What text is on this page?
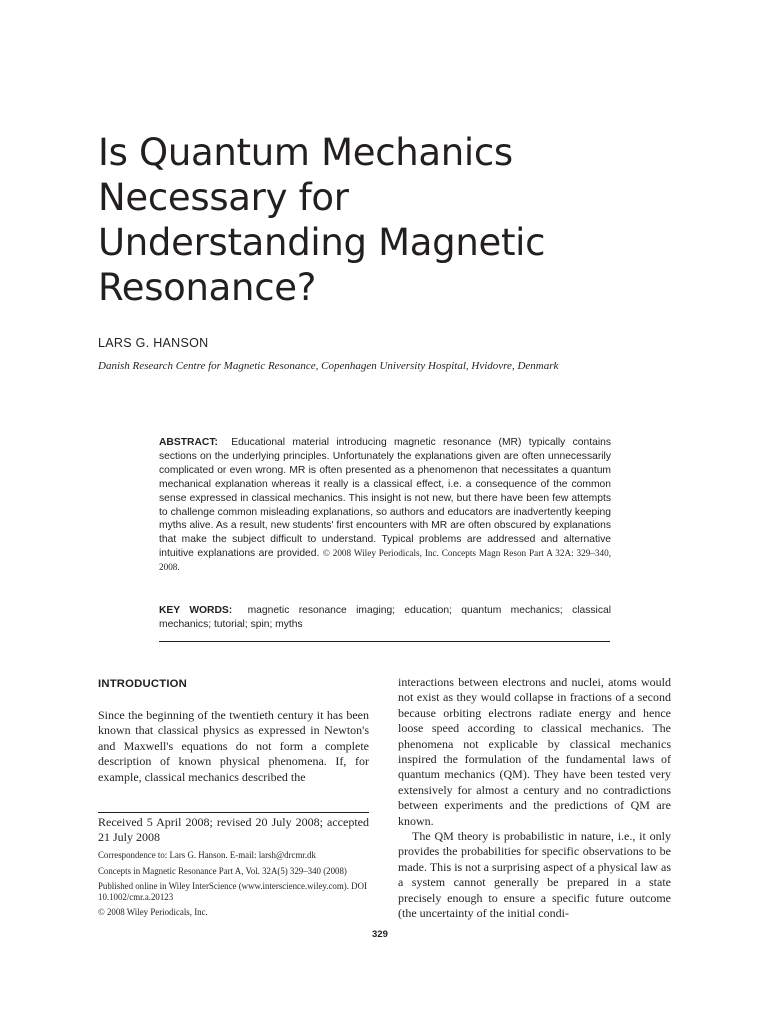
Is Quantum Mechanics
Necessary for
Understanding Magnetic
Resonance?
LARS G. HANSON
Danish Research Centre for Magnetic Resonance, Copenhagen University Hospital, Hvidovre, Denmark
ABSTRACT: Educational material introducing magnetic resonance (MR) typically contains sections on the underlying principles. Unfortunately the explanations given are often unnecessarily complicated or even wrong. MR is often presented as a phenomenon that necessitates a quantum mechanical explanation whereas it really is a classical effect, i.e. a consequence of the common sense expressed in classical mechanics. This insight is not new, but there have been few attempts to challenge common misleading explanations, so authors and educators are inadvertently keeping myths alive. As a result, new students' first encounters with MR are often obscured by explanations that make the subject difficult to understand. Typical problems are addressed and alternative intuitive explanations are provided. © 2008 Wiley Periodicals, Inc. Concepts Magn Reson Part A 32A: 329–340, 2008.
KEY WORDS: magnetic resonance imaging; education; quantum mechanics; classical mechanics; tutorial; spin; myths
INTRODUCTION
Since the beginning of the twentieth century it has been known that classical physics as expressed in Newton's and Maxwell's equations do not form a complete description of known physical phenomena. If, for example, classical mechanics described the

interactions between electrons and nuclei, atoms would not exist as they would collapse in fractions of a second because orbiting electrons radiate energy and hence loose speed according to classical mechanics. The phenomena not explicable by classical mechanics inspired the formulation of the fundamental laws of quantum mechanics (QM). They have been tested very extensively for almost a century and no contradictions between experiments and the predictions of QM are known.

The QM theory is probabilistic in nature, i.e., it only provides the probabilities for specific observations to be made. This is not a surprising aspect of a physical law as a system cannot generally be prepared in a state precisely enough to ensure a specific future outcome (the uncertainty of the initial condi-

Received 5 April 2008; revised 20 July 2008; accepted 21 July 2008
Correspondence to: Lars G. Hanson. E-mail: larsh@drcmr.dk
Concepts in Magnetic Resonance Part A, Vol. 32A(5) 329–340 (2008)
Published online in Wiley InterScience (www.interscience.wiley.com). DOI 10.1002/cmr.a.20123
© 2008 Wiley Periodicals, Inc.
329
